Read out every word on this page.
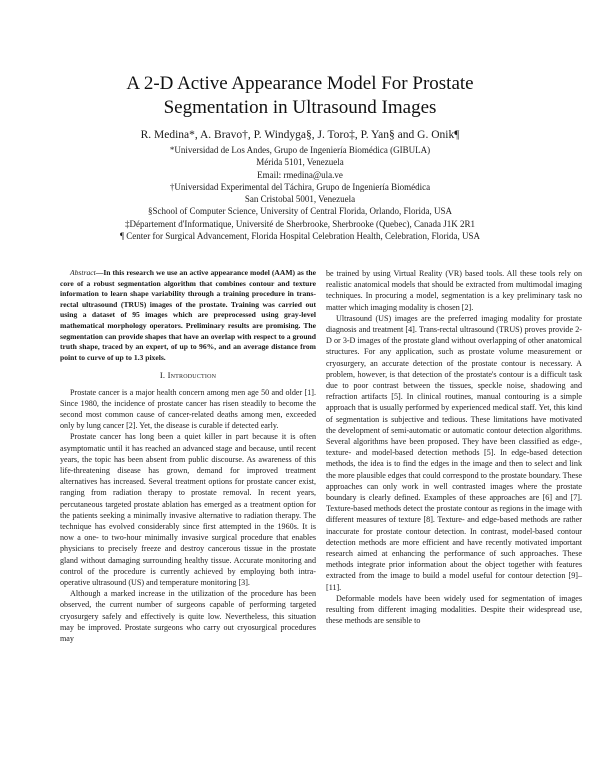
A 2-D Active Appearance Model For Prostate
Segmentation in Ultrasound Images
R. Medina*, A. Bravo†, P. Windyga§, J. Toro‡, P. Yan§ and G. Onik¶
*Universidad de Los Andes, Grupo de Ingeniería Biomédica (GIBULA)
Mérida 5101, Venezuela
Email: rmedina@ula.ve
†Universidad Experimental del Táchira, Grupo de Ingeniería Biomédica
San Cristobal 5001, Venezuela
§School of Computer Science, University of Central Florida, Orlando, Florida, USA
‡Département d'Informatique, Université de Sherbrooke, Sherbrooke (Quebec), Canada J1K 2R1
¶ Center for Surgical Advancement, Florida Hospital Celebration Health, Celebration, Florida, USA

Abstract—In this research we use an active appearance model (AAM) as the core of a robust segmentation algorithm that combines contour and texture information to learn shape variability through a training procedure in trans-rectal ultrasound (TRUS) images of the prostate. Training was carried out using a dataset of 95 images which are preprocessed using gray-level mathematical morphology operators. Preliminary results are promising. The segmentation can provide shapes that have an overlap with respect to a ground truth shape, traced by an expert, of up to 96%, and an average distance from point to curve of up to 1.3 pixels.

I. Introduction

Prostate cancer is a major health concern among men age 50 and older [1]. Since 1980, the incidence of prostate cancer has risen steadily to become the second most common cause of cancer-related deaths among men, exceeded only by lung cancer [2]. Yet, the disease is curable if detected early.

Prostate cancer has long been a quiet killer in part because it is often asymptomatic until it has reached an advanced stage and because, until recent years, the topic has been absent from public discourse. As awareness of this life-threatening disease has grown, demand for improved treatment alternatives has increased. Several treatment options for prostate cancer exist, ranging from radiation therapy to prostate removal. In recent years, percutaneous targeted prostate ablation has emerged as a treatment option for the patients seeking a minimally invasive alternative to radiation therapy. The technique has evolved considerably since first attempted in the 1960s. It is now a one- to two-hour minimally invasive surgical procedure that enables physicians to precisely freeze and destroy cancerous tissue in the prostate gland without damaging surrounding healthy tissue. Accurate monitoring and control of the procedure is currently achieved by employing both intra-operative ultrasound (US) and temperature monitoring [3].

Although a marked increase in the utilization of the procedure has been observed, the current number of surgeons capable of performing targeted cryosurgery safely and effectively is quite low. Nevertheless, this situation may be improved. Prostate surgeons who carry out cryosurgical procedures may

be trained by using Virtual Reality (VR) based tools. All these tools rely on realistic anatomical models that should be extracted from multimodal imaging techniques. In procuring a model, segmentation is a key preliminary task no matter which imaging modality is chosen [2].

Ultrasound (US) images are the preferred imaging modality for prostate diagnosis and treatment [4]. Trans-rectal ultrasound (TRUS) proves provide 2-D or 3-D images of the prostate gland without overlapping of other anatomical structures. For any application, such as prostate volume measurement or cryosurgery, an accurate detection of the prostate contour is necessary. A problem, however, is that detection of the prostate's contour is a difficult task due to poor contrast between the tissues, speckle noise, shadowing and refraction artifacts [5]. In clinical routines, manual contouring is a simple approach that is usually performed by experienced medical staff. Yet, this kind of segmentation is subjective and tedious. These limitations have motivated the development of semi-automatic or automatic contour detection algorithms. Several algorithms have been proposed. They have been classified as edge-, texture- and model-based detection methods [5]. In edge-based detection methods, the idea is to find the edges in the image and then to select and link the more plausible edges that could correspond to the prostate boundary. These approaches can only work in well contrasted images where the prostate boundary is clearly defined. Examples of these approaches are [6] and [7]. Texture-based methods detect the prostate contour as regions in the image with different measures of texture [8]. Texture- and edge-based methods are rather inaccurate for prostate contour detection. In contrast, model-based contour detection methods are more efficient and have recently motivated important research aimed at enhancing the performance of such approaches. These methods integrate prior information about the object together with features extracted from the image to build a model useful for contour detection [9]–[11].

Deformable models have been widely used for segmentation of images resulting from different imaging modalities. Despite their widespread use, these methods are sensible to
